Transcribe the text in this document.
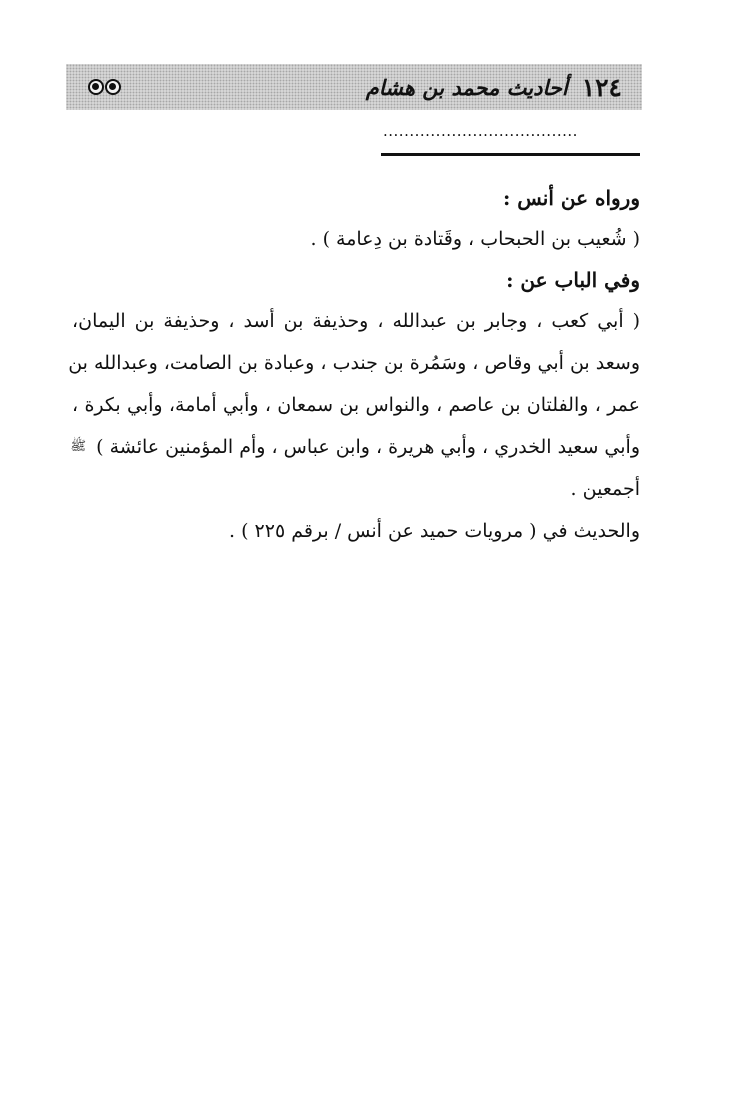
١٢٤
أحاديث محمد بن هشام
.....................................
ورواه عن أنس :
( شُعيب بن الحبحاب ، وقَتادة بن دِعامة ) .
وفي الباب عن :
( أبي كعب ، وجابر بن عبدالله ، وحذيفة بن أسد ، وحذيفة بن اليمان،
وسعد بن أبي وقاص ، وسَمُرة بن جندب ، وعبادة بن الصامت، وعبدالله بن
عمر ، والفلتان بن عاصم ، والنواس بن سمعان ، وأبي أمامة، وأبي بكرة ،
وأبي سعيد الخدري ، وأبي هريرة ، وابن عباس ، وأم المؤمنين عائشة ) ﷺ
أجمعين .
والحديث في ( مرويات حميد عن أنس / برقم ٢٢٥ ) .
